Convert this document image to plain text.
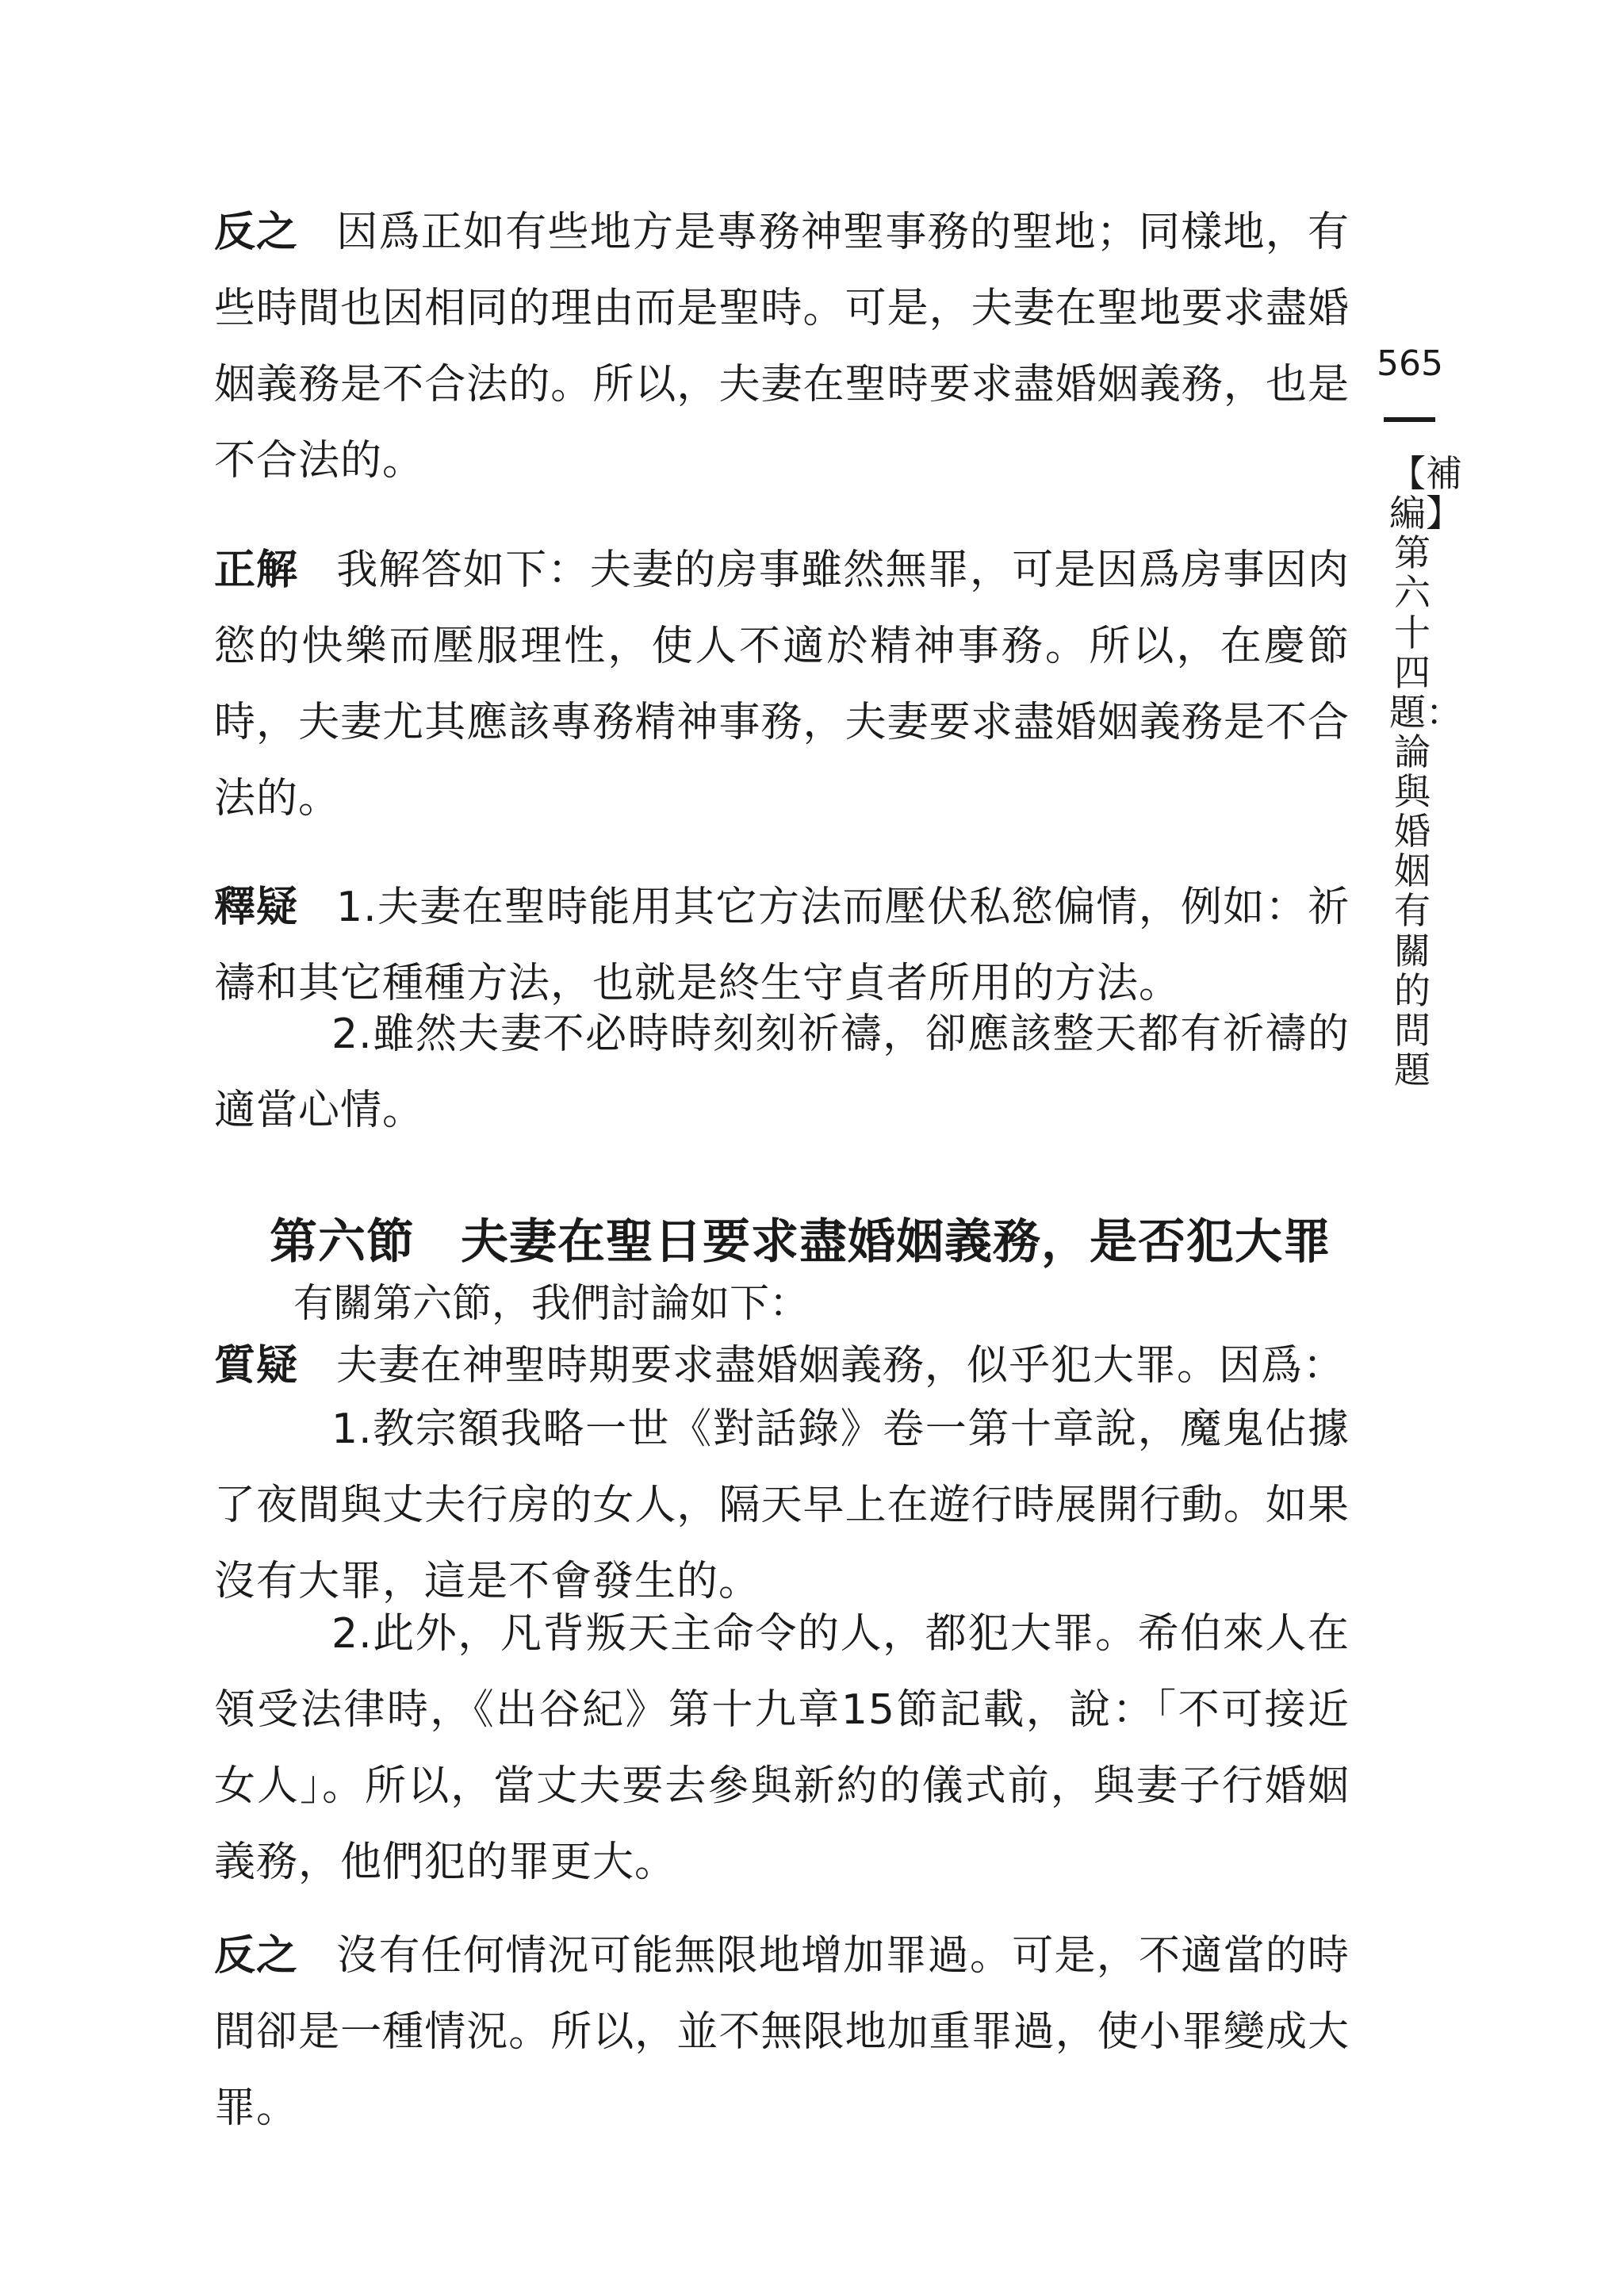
565
【補編】第六十四題：論與婚姻有關的問題
反之 因爲正如有些地方是專務神聖事務的聖地；同樣地，有些時間也因相同的理由而是聖時。可是，夫妻在聖地要求盡婚姻義務是不合法的。所以，夫妻在聖時要求盡婚姻義務，也是不合法的。
正解 我解答如下：夫妻的房事雖然無罪，可是因爲房事因肉慾的快樂而壓服理性，使人不適於精神事務。所以，在慶節時，夫妻尤其應該專務精神事務，夫妻要求盡婚姻義務是不合法的。
釋疑 1.夫妻在聖時能用其它方法而壓伏私慾偏情，例如：祈禱和其它種種方法，也就是終生守貞者所用的方法。
2.雖然夫妻不必時時刻刻祈禱，卻應該整天都有祈禱的適當心情。
第六節 夫妻在聖日要求盡婚姻義務，是否犯大罪
有關第六節，我們討論如下：
質疑 夫妻在神聖時期要求盡婚姻義務，似乎犯大罪。因爲：
1.教宗額我略一世《對話錄》卷一第十章說，魔鬼佔據了夜間與丈夫行房的女人，隔天早上在遊行時展開行動。如果沒有大罪，這是不會發生的。
2.此外，凡背叛天主命令的人，都犯大罪。希伯來人在領受法律時，《出谷紀》第十九章15節記載，說：「不可接近女人」。所以，當丈夫要去參與新約的儀式前，與妻子行婚姻義務，他們犯的罪更大。
反之 沒有任何情況可能無限地增加罪過。可是，不適當的時間卻是一種情況。所以，並不無限地加重罪過，使小罪變成大罪。
